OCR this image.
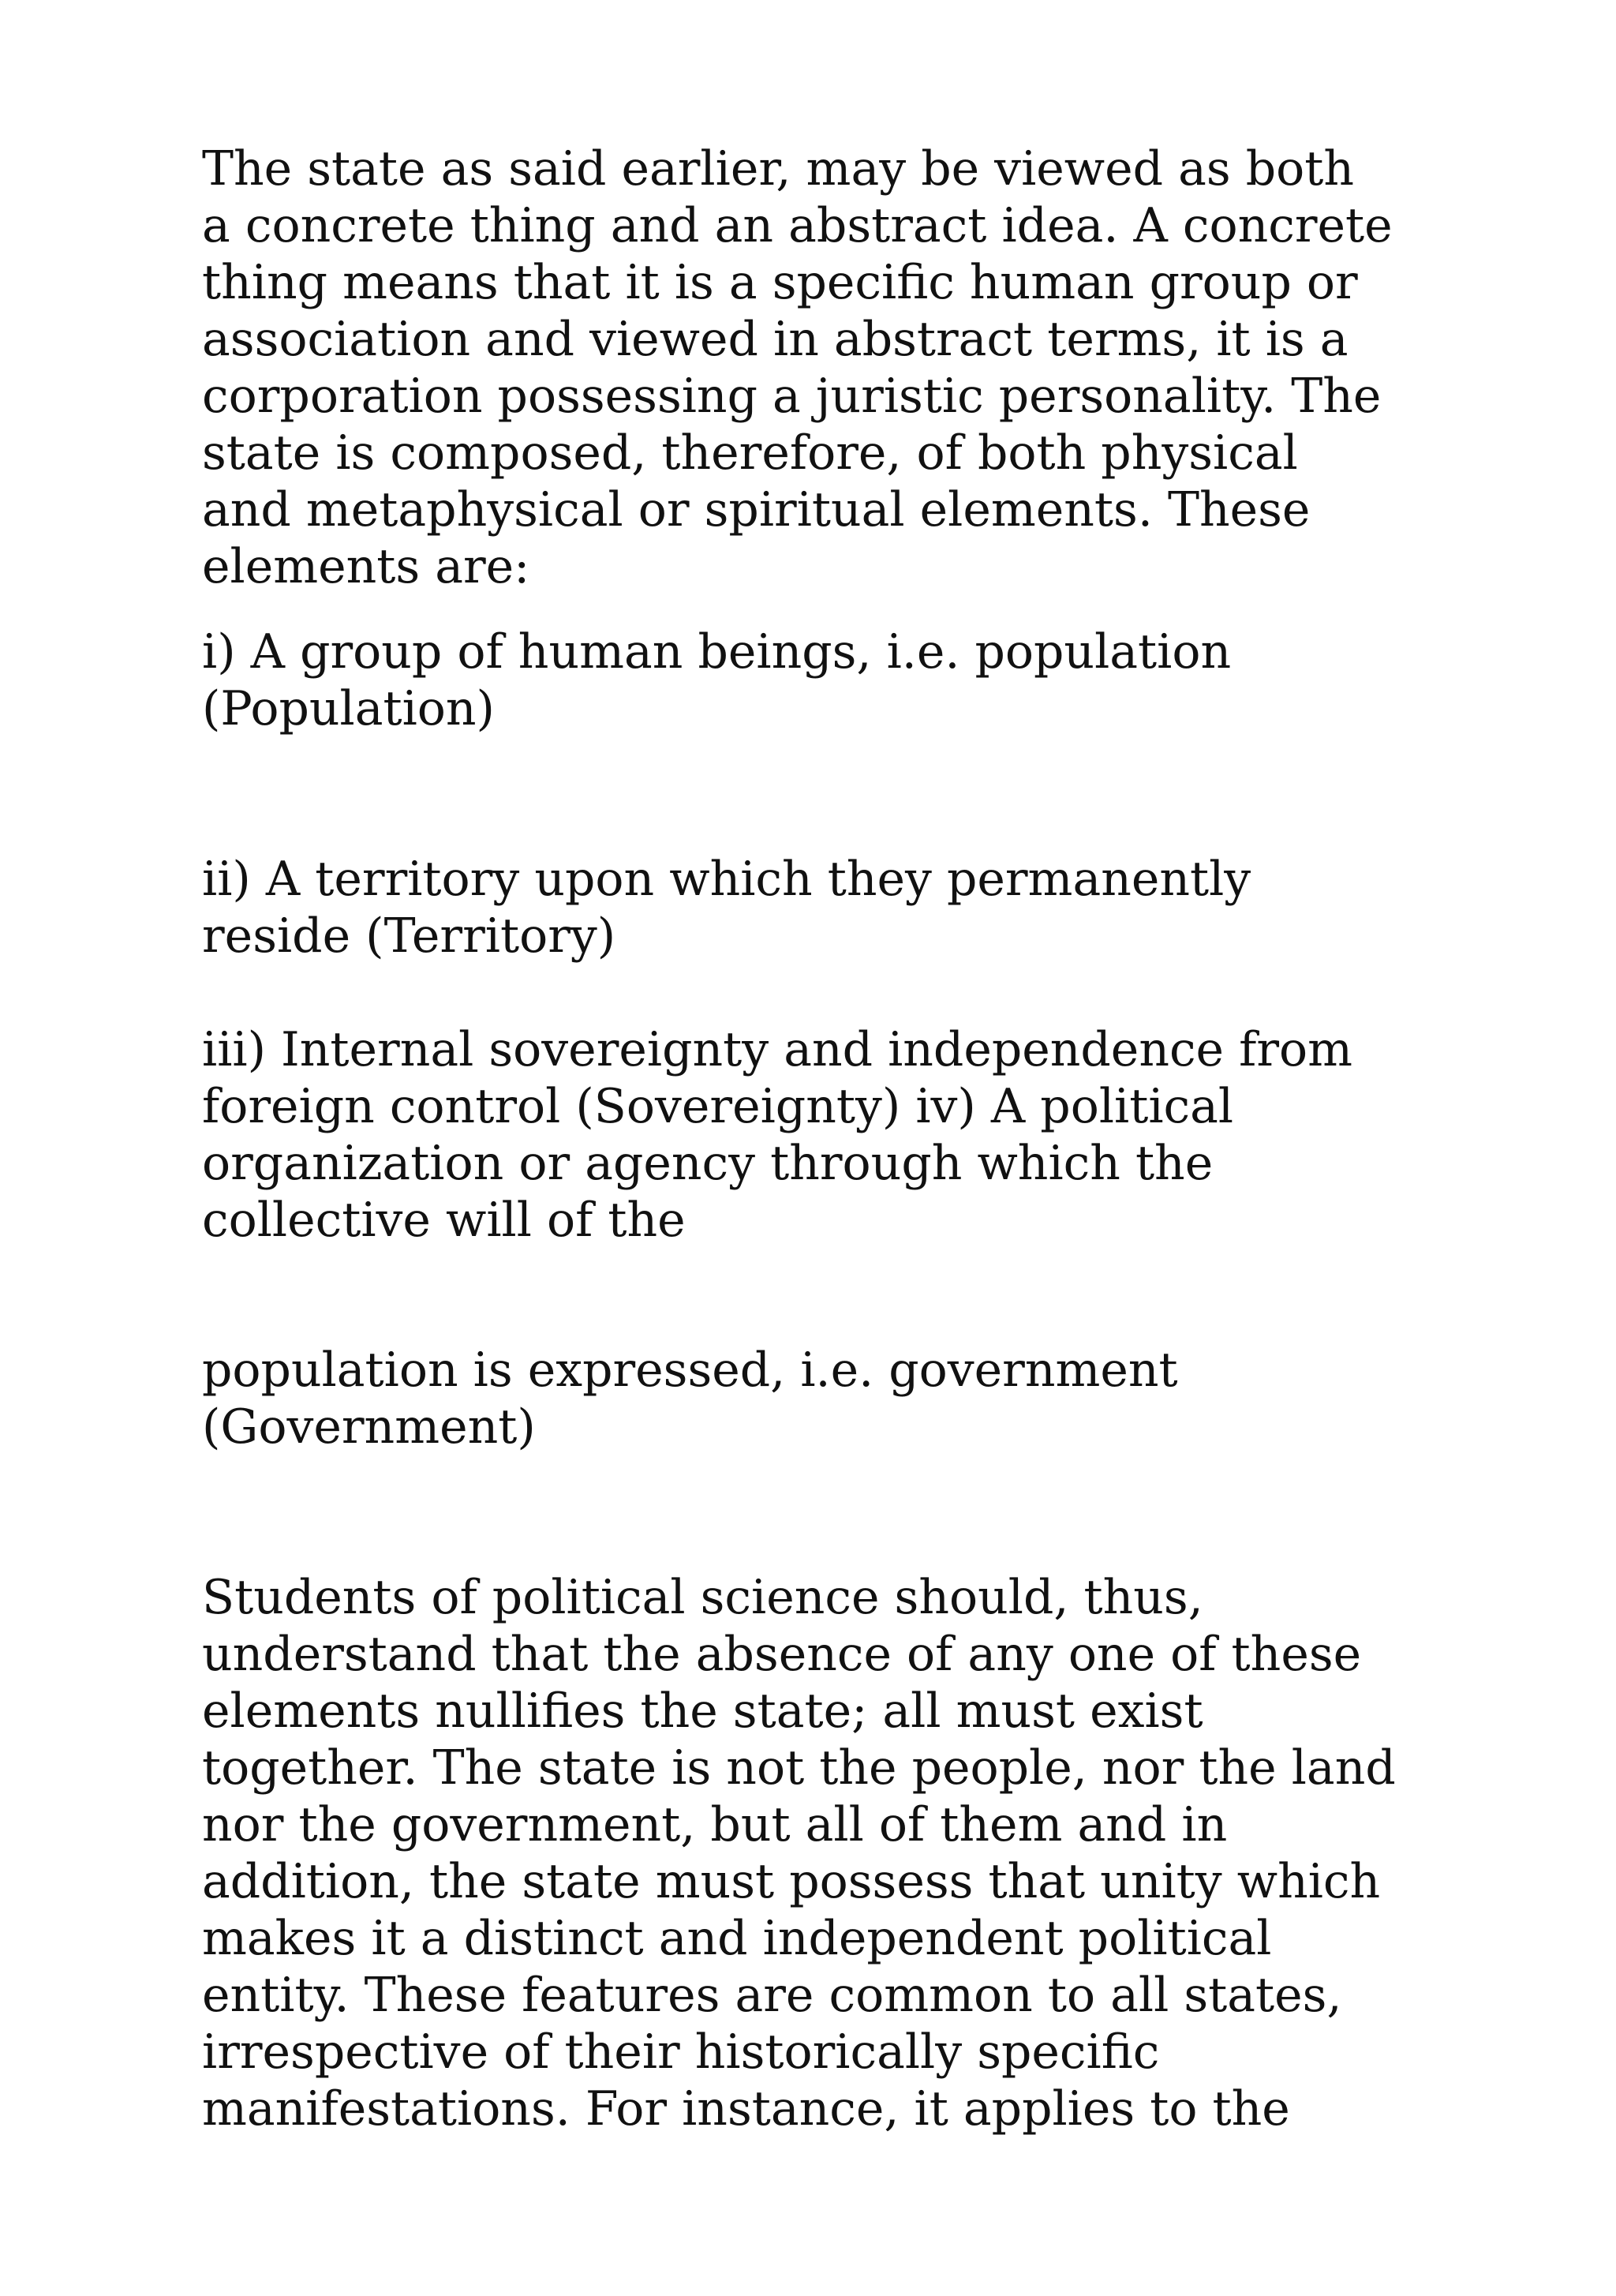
The state as said earlier, may be viewed as both
a concrete thing and an abstract idea. A concrete
thing means that it is a specific human group or
association and viewed in abstract terms, it is a
corporation possessing a juristic personality. The
state is composed, therefore, of both physical
and metaphysical or spiritual elements. These
elements are:

i) A group of human beings, i.e. population
(Population)

ii) A territory upon which they permanently
reside (Territory)

iii) Internal sovereignty and independence from
foreign control (Sovereignty) iv) A political
organization or agency through which the
collective will of the

population is expressed, i.e. government
(Government)

Students of political science should, thus,
understand that the absence of any one of these
elements nullifies the state; all must exist
together. The state is not the people, nor the land
nor the government, but all of them and in
addition, the state must possess that unity which
makes it a distinct and independent political
entity. These features are common to all states,
irrespective of their historically specific
manifestations. For instance, it applies to the
